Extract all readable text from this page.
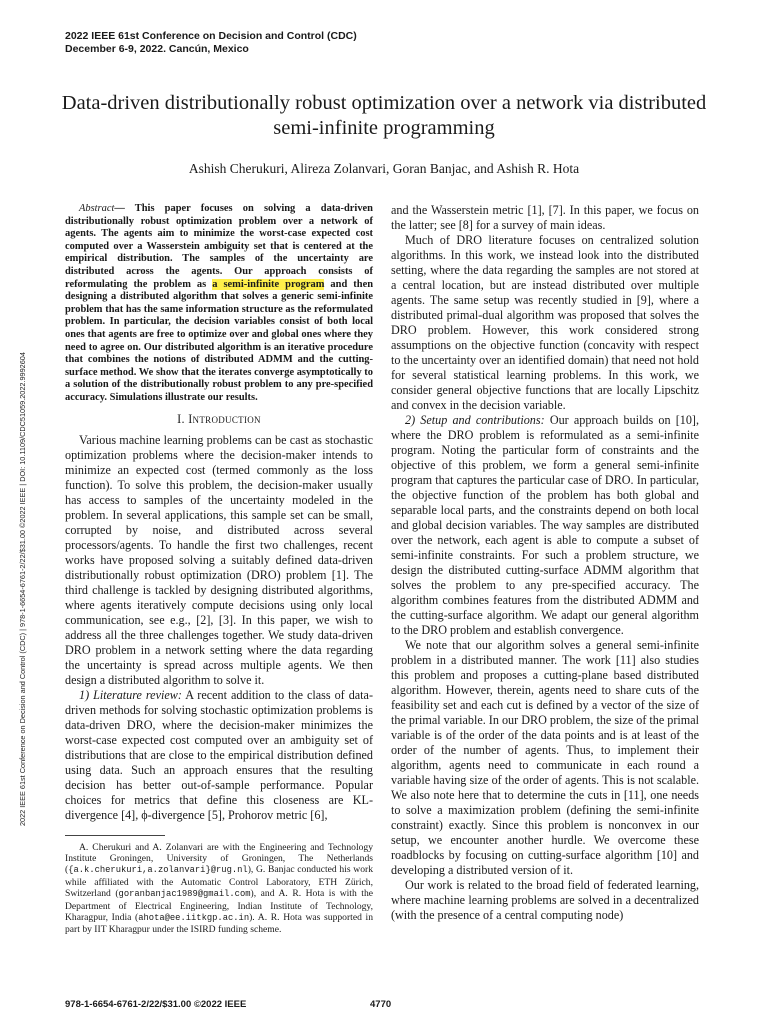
2022 IEEE 61st Conference on Decision and Control (CDC)
December 6-9, 2022. Cancún, Mexico
2022 IEEE 61st Conference on Decision and Control (CDC) | 978-1-6654-6761-2/22/$31.00 ©2022 IEEE | DOI: 10.1109/CDC51059.2022.9992604
Data-driven distributionally robust optimization over a network via distributed semi-infinite programming
Ashish Cherukuri, Alireza Zolanvari, Goran Banjac, and Ashish R. Hota

Abstract— This paper focuses on solving a data-driven distributionally robust optimization problem over a network of agents. The agents aim to minimize the worst-case expected cost computed over a Wasserstein ambiguity set that is centered at the empirical distribution. The samples of the uncertainty are distributed across the agents. Our approach consists of reformulating the problem as a semi-infinite program and then designing a distributed algorithm that solves a generic semi-infinite problem that has the same information structure as the reformulated problem. In particular, the decision variables consist of both local ones that agents are free to optimize over and global ones where they need to agree on. Our distributed algorithm is an iterative procedure that combines the notions of distributed ADMM and the cutting-surface method. We show that the iterates converge asymptotically to a solution of the distributionally robust problem to any pre-specified accuracy. Simulations illustrate our results.

I. Introduction

Various machine learning problems can be cast as stochastic optimization problems where the decision-maker intends to minimize an expected cost (termed commonly as the loss function). To solve this problem, the decision-maker usually has access to samples of the uncertainty modeled in the problem. In several applications, this sample set can be small, corrupted by noise, and distributed across several processors/agents. To handle the first two challenges, recent works have proposed solving a suitably defined data-driven distributionally robust optimization (DRO) problem [1]. The third challenge is tackled by designing distributed algorithms, where agents iteratively compute decisions using only local communication, see e.g., [2], [3]. In this paper, we wish to address all the three challenges together. We study data-driven DRO problem in a network setting where the data regarding the uncertainty is spread across multiple agents. We then design a distributed algorithm to solve it.

1) Literature review: A recent addition to the class of data-driven methods for solving stochastic optimization problems is data-driven DRO, where the decision-maker minimizes the worst-case expected cost computed over an ambiguity set of distributions that are close to the empirical distribution defined using data. Such an approach ensures that the resulting decision has better out-of-sample performance. Popular choices for metrics that define this closeness are KL-divergence [4], ϕ-divergence [5], Prohorov metric [6],

A. Cherukuri and A. Zolanvari are with the Engineering and Technology Institute Groningen, University of Groningen, The Netherlands ({a.k.cherukuri,a.zolanvari}@rug.nl), G. Banjac conducted his work while affiliated with the Automatic Control Laboratory, ETH Zürich, Switzerland (goranbanjac1989@gmail.com), and A. R. Hota is with the Department of Electrical Engineering, Indian Institute of Technology, Kharagpur, India (ahota@ee.iitkgp.ac.in). A. R. Hota was supported in part by IIT Kharagpur under the ISIRD funding scheme.

and the Wasserstein metric [1], [7]. In this paper, we focus on the latter; see [8] for a survey of main ideas.

Much of DRO literature focuses on centralized solution algorithms. In this work, we instead look into the distributed setting, where the data regarding the samples are not stored at a central location, but are instead distributed over multiple agents. The same setup was recently studied in [9], where a distributed primal-dual algorithm was proposed that solves the DRO problem. However, this work considered strong assumptions on the objective function (concavity with respect to the uncertainty over an identified domain) that need not hold for several statistical learning problems. In this work, we consider general objective functions that are locally Lipschitz and convex in the decision variable.

2) Setup and contributions: Our approach builds on [10], where the DRO problem is reformulated as a semi-infinite program. Noting the particular form of constraints and the objective of this problem, we form a general semi-infinite program that captures the particular case of DRO. In particular, the objective function of the problem has both global and separable local parts, and the constraints depend on both local and global decision variables. The way samples are distributed over the network, each agent is able to compute a subset of semi-infinite constraints. For such a problem structure, we design the distributed cutting-surface ADMM algorithm that solves the problem to any pre-specified accuracy. The algorithm combines features from the distributed ADMM and the cutting-surface algorithm. We adapt our general algorithm to the DRO problem and establish convergence.

We note that our algorithm solves a general semi-infinite problem in a distributed manner. The work [11] also studies this problem and proposes a cutting-plane based distributed algorithm. However, therein, agents need to share cuts of the feasibility set and each cut is defined by a vector of the size of the primal variable. In our DRO problem, the size of the primal variable is of the order of the data points and is at least of the order of the number of agents. Thus, to implement their algorithm, agents need to communicate in each round a variable having size of the order of agents. This is not scalable. We also note here that to determine the cuts in [11], one needs to solve a maximization problem (defining the semi-infinite constraint) exactly. Since this problem is nonconvex in our setup, we encounter another hurdle. We overcome these roadblocks by focusing on cutting-surface algorithm [10] and developing a distributed version of it.

Our work is related to the broad field of federated learning, where machine learning problems are solved in a decentralized (with the presence of a central computing node)

978-1-6654-6761-2/22/$31.00 ©2022 IEEE	4770
